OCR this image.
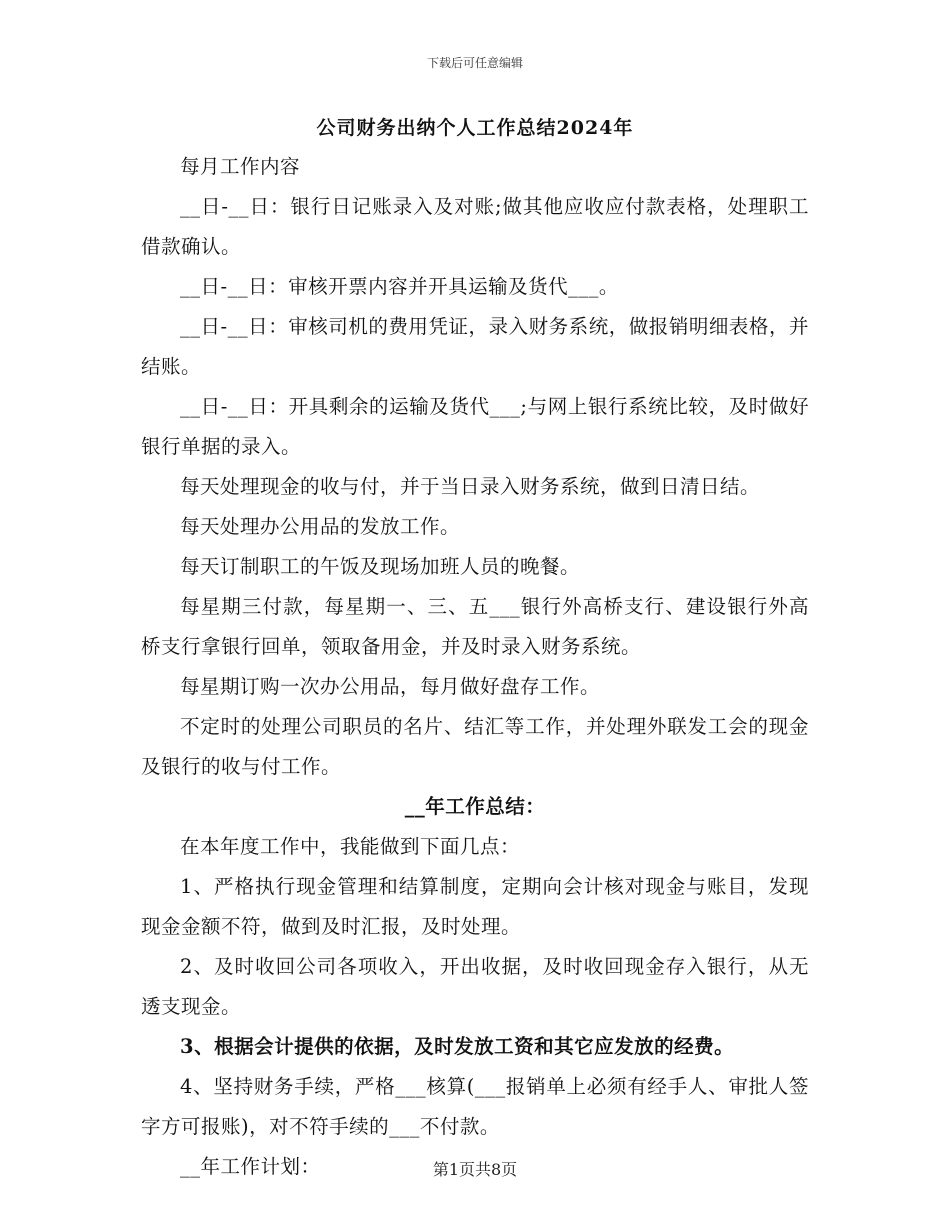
下载后可任意编辑
公司财务出纳个人工作总结2024年

每月工作内容

__日-__日：银行日记账录入及对账;做其他应收应付款表格，处理职工借款确认。

__日-__日：审核开票内容并开具运输及货代___。

__日-__日：审核司机的费用凭证，录入财务系统，做报销明细表格，并结账。

__日-__日：开具剩余的运输及货代___;与网上银行系统比较，及时做好银行单据的录入。

每天处理现金的收与付，并于当日录入财务系统，做到日清日结。

每天处理办公用品的发放工作。

每天订制职工的午饭及现场加班人员的晚餐。

每星期三付款，每星期一、三、五___银行外高桥支行、建设银行外高桥支行拿银行回单，领取备用金，并及时录入财务系统。

每星期订购一次办公用品，每月做好盘存工作。

不定时的处理公司职员的名片、结汇等工作，并处理外联发工会的现金及银行的收与付工作。

__年工作总结：

在本年度工作中，我能做到下面几点：

1、严格执行现金管理和结算制度，定期向会计核对现金与账目，发现现金金额不符，做到及时汇报，及时处理。

2、及时收回公司各项收入，开出收据，及时收回现金存入银行，从无透支现金。

3、根据会计提供的依据，及时发放工资和其它应发放的经费。

4、坚持财务手续，严格___核算(___报销单上必须有经手人、审批人签字方可报账)，对不符手续的___不付款。

__年工作计划：	第1页共8页
